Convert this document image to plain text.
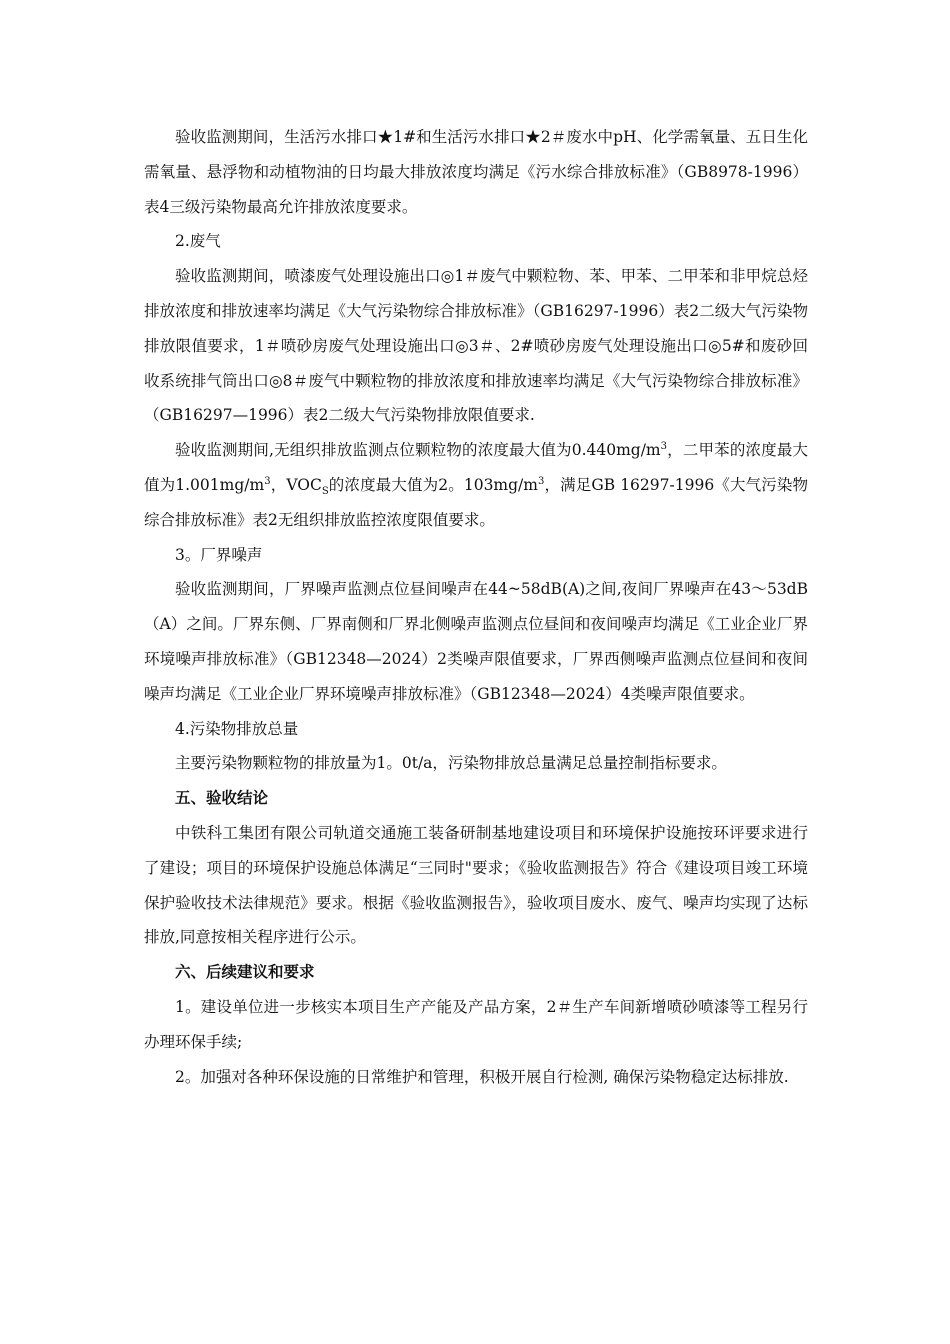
验收监测期间，生活污水排口★1#和生活污水排口★2＃废水中pH、化学需氧量、五日生化需氧量、悬浮物和动植物油的日均最大排放浓度均满足《污水综合排放标准》（GB8978-1996）表4三级污染物最高允许排放浓度要求。

2.废气

验收监测期间，喷漆废气处理设施出口◎1＃废气中颗粒物、苯、甲苯、二甲苯和非甲烷总烃排放浓度和排放速率均满足《大气污染物综合排放标准》（GB16297-1996）表2二级大气污染物排放限值要求，1＃喷砂房废气处理设施出口◎3＃、2#喷砂房废气处理设施出口◎5#和废砂回收系统排气筒出口◎8＃废气中颗粒物的排放浓度和排放速率均满足《大气污染物综合排放标准》（GB16297—1996）表2二级大气污染物排放限值要求.

验收监测期间,无组织排放监测点位颗粒物的浓度最大值为$0.440mg/m^3$，二甲苯的浓度最大值为$1.001mg/m^3$，$VOC_S$的浓度最大值为2。$103mg/m^3$，满足GB 16297-1996《大气污染物综合排放标准》表2无组织排放监控浓度限值要求。

3。厂界噪声

验收监测期间，厂界噪声监测点位昼间噪声在44~58dB(A)之间,夜间厂界噪声在43～53dB（A）之间。厂界东侧、厂界南侧和厂界北侧噪声监测点位昼间和夜间噪声均满足《工业企业厂界环境噪声排放标准》（GB12348—2024）2类噪声限值要求，厂界西侧噪声监测点位昼间和夜间噪声均满足《工业企业厂界环境噪声排放标准》（GB12348—2024）4类噪声限值要求。

4.污染物排放总量

主要污染物颗粒物的排放量为1。0t/a，污染物排放总量满足总量控制指标要求。

五、验收结论

中铁科工集团有限公司轨道交通施工装备研制基地建设项目和环境保护设施按环评要求进行了建设；项目的环境保护设施总体满足“三同时"要求；《验收监测报告》符合《建设项目竣工环境保护验收技术法律规范》要求。根据《验收监测报告》，验收项目废水、废气、噪声均实现了达标排放,同意按相关程序进行公示。

六、后续建议和要求

1。建设单位进一步核实本项目生产产能及产品方案，2＃生产车间新增喷砂喷漆等工程另行办理环保手续;

2。加强对各种环保设施的日常维护和管理，积极开展自行检测, 确保污染物稳定达标排放.
